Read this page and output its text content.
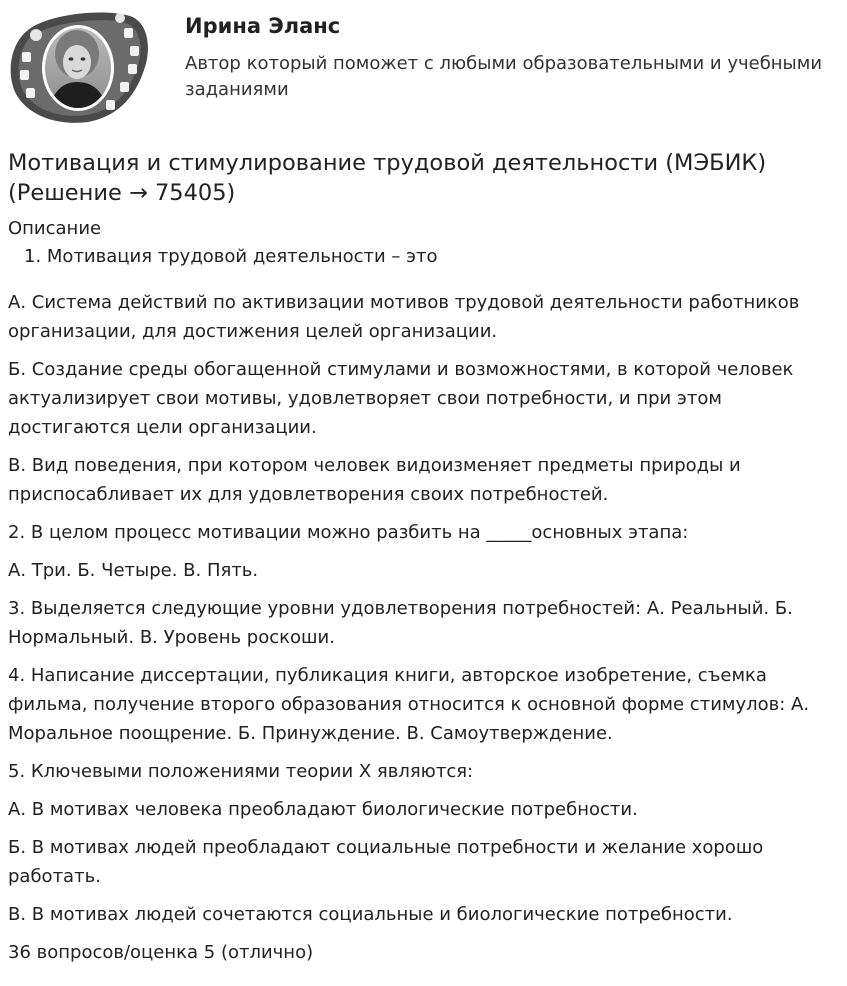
Ирина Эланс

Автор который поможет с любыми образовательными и учебными заданиями

Мотивация и стимулирование трудовой деятельности (МЭБИК) (Решение → 75405)
Описание
1. Мотивация трудовой деятельности – это

А. Система действий по активизации мотивов трудовой деятельности работников организации, для достижения целей организации.

Б. Создание среды обогащенной стимулами и возможностями, в которой человек актуализирует свои мотивы, удовлетворяет свои потребности, и при этом достигаются цели организации.

В. Вид поведения, при котором человек видоизменяет предметы природы и приспосабливает их для удовлетворения своих потребностей.

2. В целом процесс мотивации можно разбить на _____основных этапа:

А. Три. Б. Четыре. В. Пять.

3. Выделяется следующие уровни удовлетворения потребностей: А. Реальный. Б. Нормальный. В. Уровень роскоши.

4. Написание диссертации, публикация книги, авторское изобретение, съемка фильма, получение второго образования относится к основной форме стимулов: А. Моральное поощрение. Б. Принуждение. В. Самоутверждение.

5. Ключевыми положениями теории Х являются:

А. В мотивах человека преобладают биологические потребности.

Б. В мотивах людей преобладают социальные потребности и желание хорошо работать.

В. В мотивах людей сочетаются социальные и биологические потребности.

36 вопросов/оценка 5 (отлично)
